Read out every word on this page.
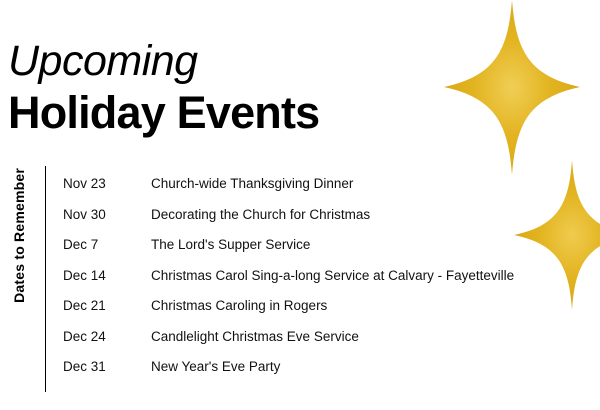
Upcoming
Holiday Events
Dates to Remember	Nov 23	Church-wide Thanksgiving Dinner
Nov 30	Decorating the Church for Christmas
Dec 7	The Lord's Supper Service
Dec 14	Christmas Carol Sing-a-long Service at Calvary - Fayetteville
Dec 21	Christmas Caroling in Rogers
Dec 24	Candlelight Christmas Eve Service
Dec 31	New Year's Eve Party
